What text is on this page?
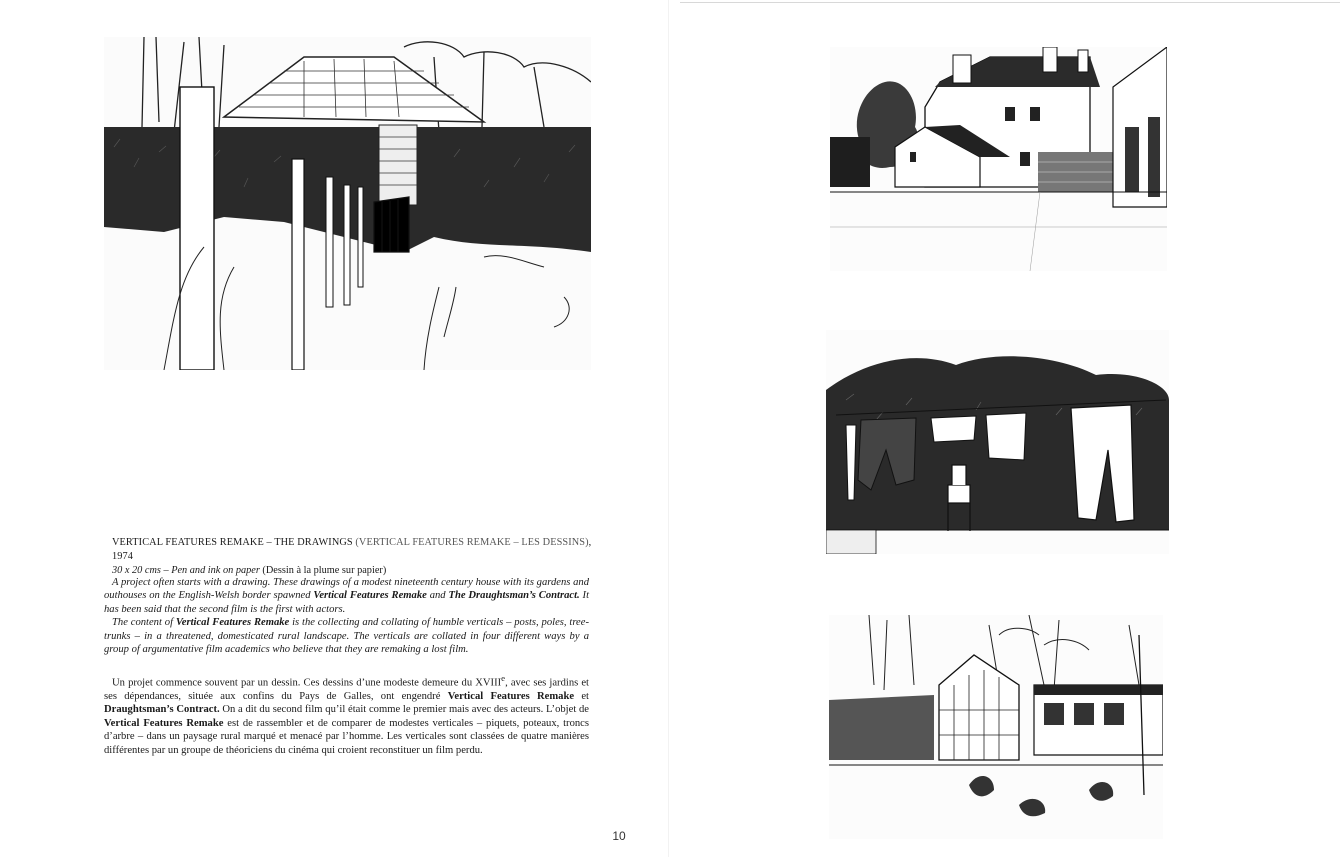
VERTICAL FEATURES REMAKE – THE DRAWINGS (VERTICAL FEATURES REMAKE – LES DESSINS), 1974
30 x 20 cms – Pen and ink on paper (Dessin à la plume sur papier)

A project often starts with a drawing. These drawings of a modest nineteenth century house with its gardens and outhouses on the English-Welsh border spawned Vertical Features Remake and The Draughtsman’s Contract. It has been said that the second film is the first with actors.

The content of Vertical Features Remake is the collecting and collating of humble verticals – posts, poles, tree-trunks – in a threatened, domesticated rural landscape. The verticals are collated in four different ways by a group of argumentative film academics who believe that they are remaking a lost film.

Un projet commence souvent par un dessin. Ces dessins d’une modeste demeure du XVIIIe, avec ses jardins et ses dépendances, située aux confins du Pays de Galles, ont engendré Vertical Features Remake et Draughtsman’s Contract. On a dit du second film qu’il était comme le premier mais avec des acteurs. L’objet de Vertical Features Remake est de rassembler et de comparer de modestes verticales – piquets, poteaux, troncs d’arbre – dans un paysage rural marqué et menacé par l’homme. Les verticales sont classées de quatre manières différentes par un groupe de théoriciens du cinéma qui croient reconstituer un film perdu.

10
